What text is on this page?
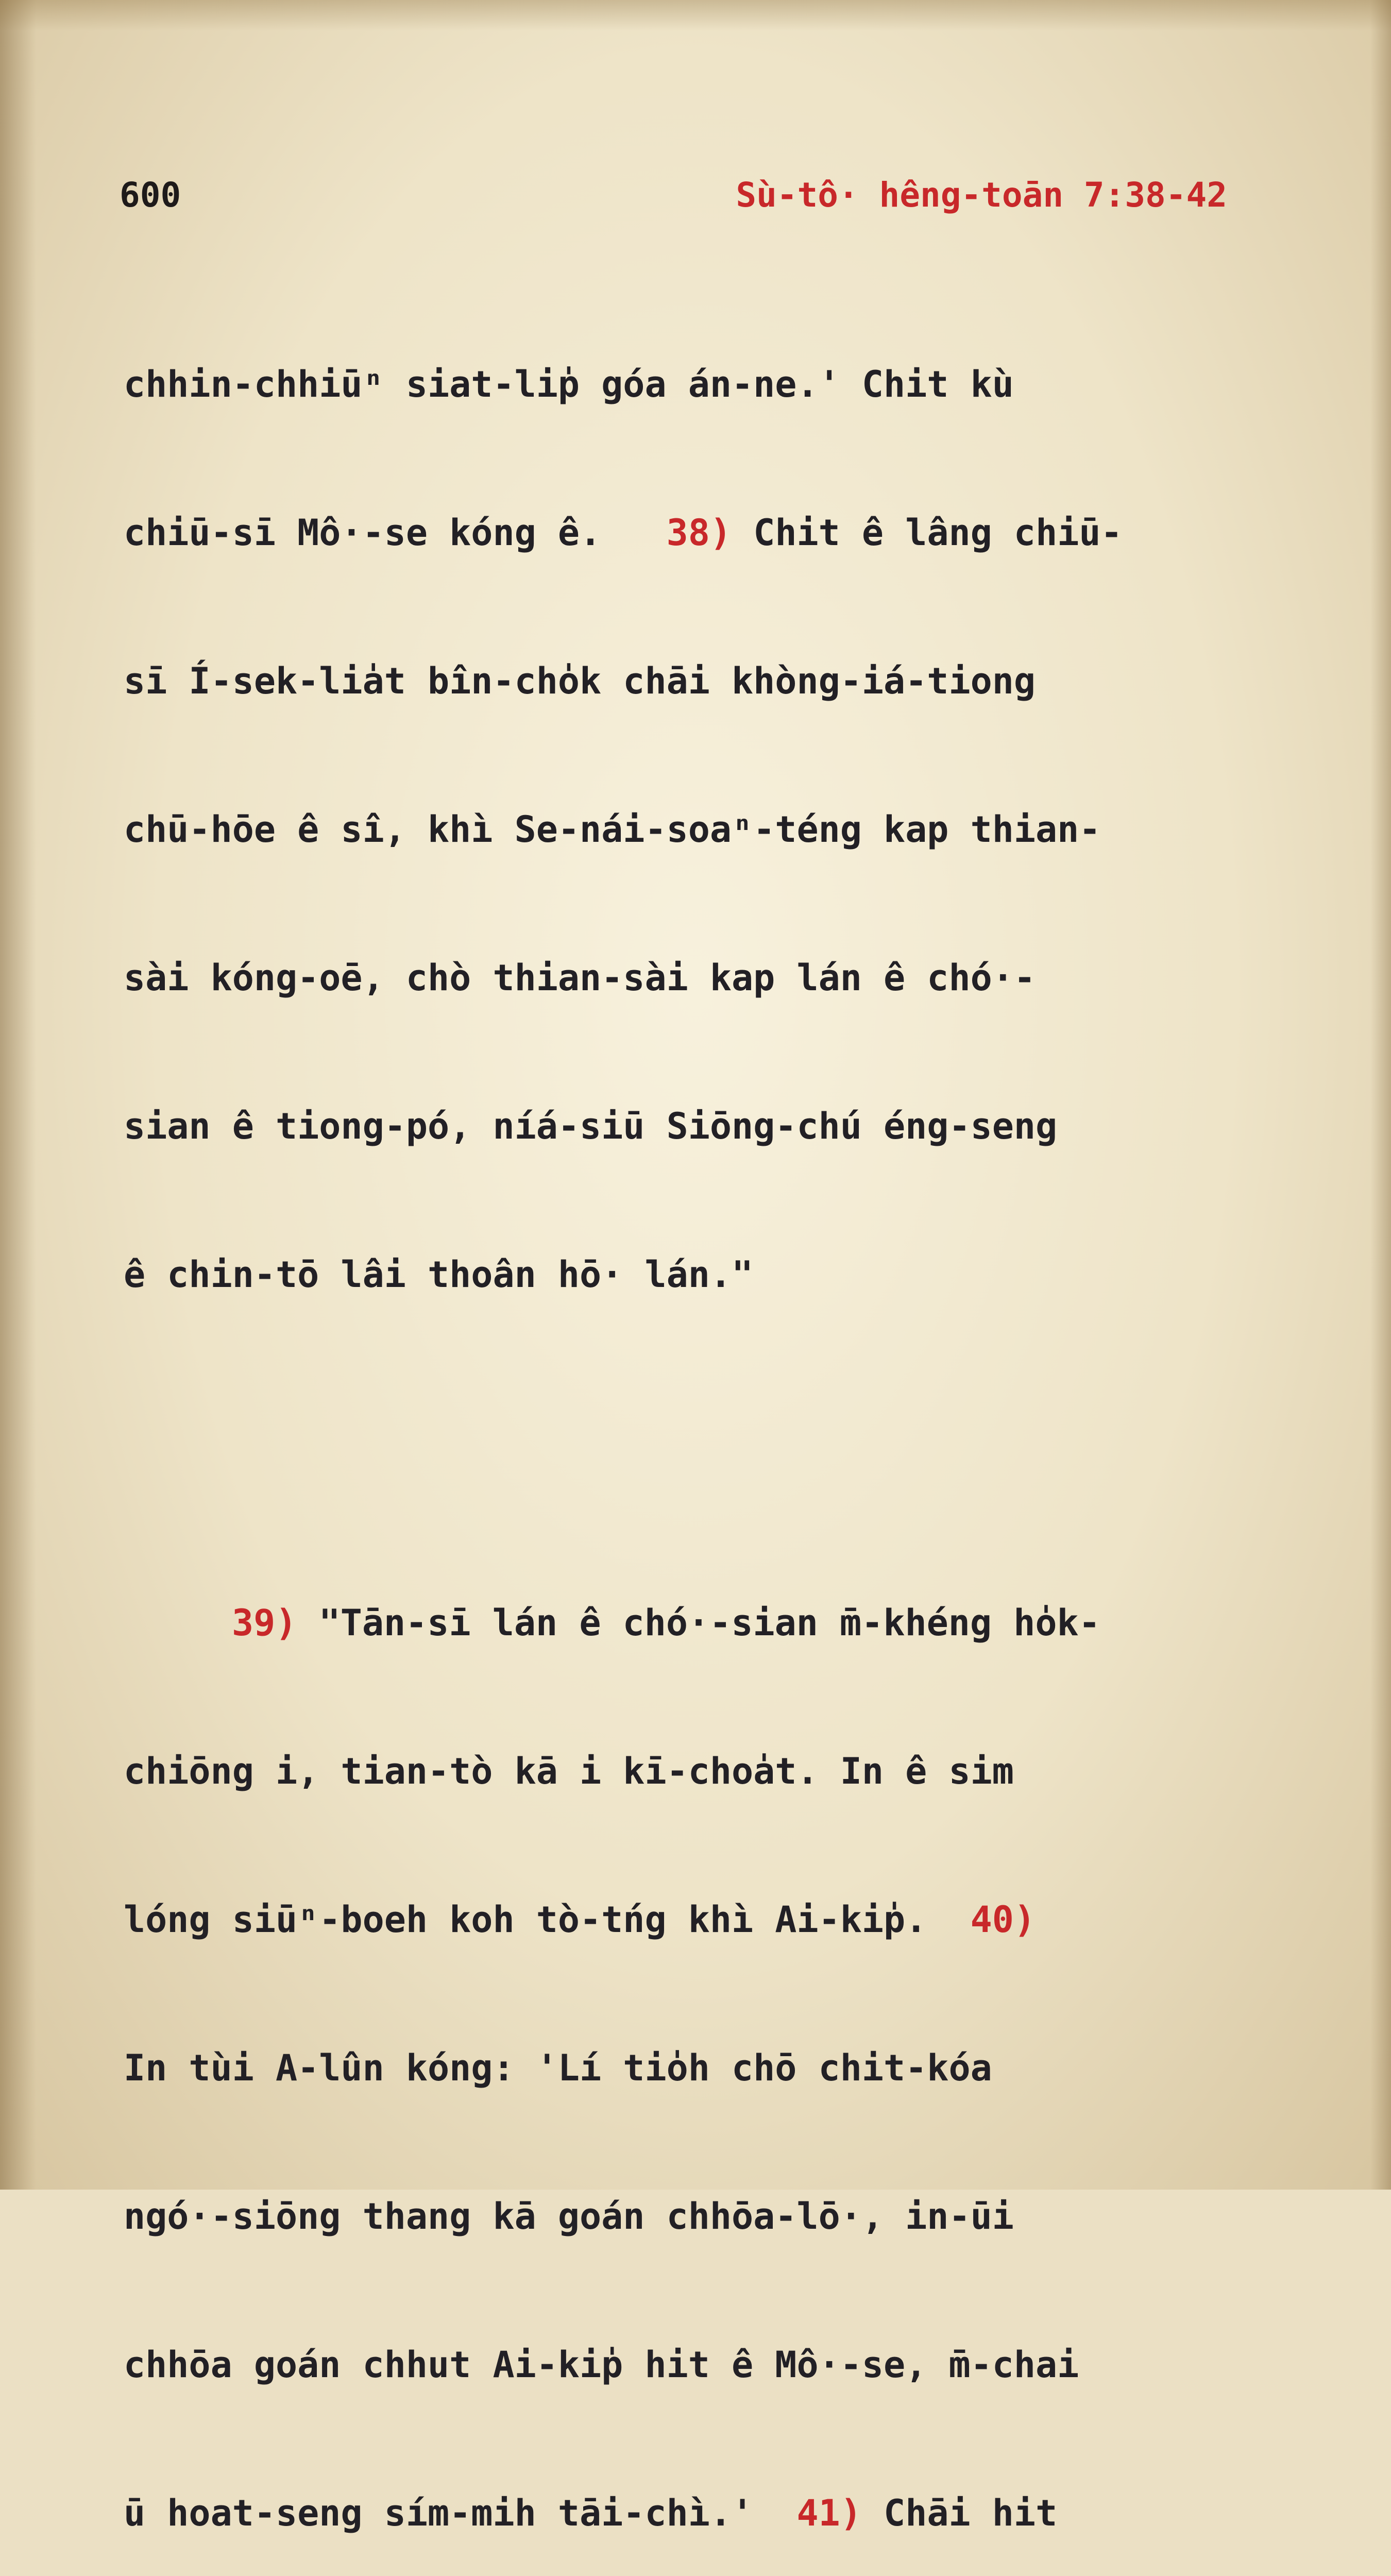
600	Sù-tô· hêng-toān 7:38-42

chhin-chhiūⁿ siat-li̍p góa án-ne.' Chit kù

chiū-sī Mô·-se kóng ê. 38) Chit ê lâng chiū-

sī Í-sek-lia̍t bîn-cho̍k chāi khòng-iá-tiong

chū-hōe ê sî, khì Se-nái-soaⁿ-téng kap thian-

sài kóng-oē, chò thian-sài kap lán ê chó·-

sian ê tiong-pó, níá-siū Siōng-chú éng-seng

ê chin-tō lâi thoân hō· lán."

39) "Tān-sī lán ê chó·-sian m̄-khéng ho̍k-

chiōng i, tian-tò kā i kī-choa̍t. In ê sim

lóng siūⁿ-boeh koh tò-tńg khì Ai-ki̍p. 40)

In tùi A-lûn kóng: 'Lí tio̍h chō chit-kóa

ngó·-siōng thang kā goán chhōa-lō·, in-ūi

chhōa goán chhut Ai-ki̍p hit ê Mô·-se, m̄-chai

ū hoat-seng sím-mih tāi-chì.' 41) Chāi hit
